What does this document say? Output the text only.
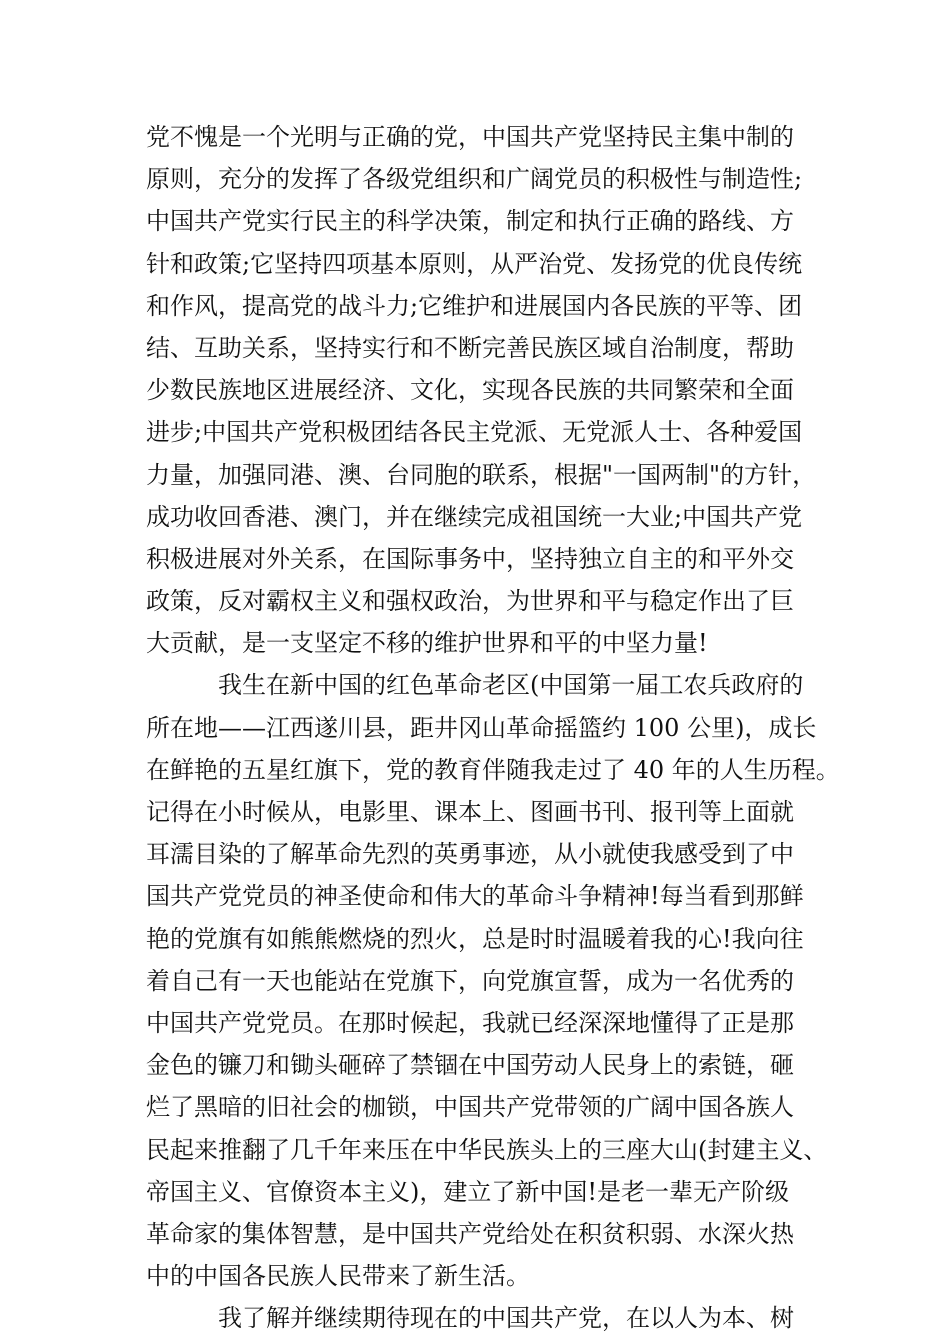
党不愧是一个光明与正确的党，中国共产党坚持民主集中制的
原则，充分的发挥了各级党组织和广阔党员的积极性与制造性;
中国共产党实行民主的科学决策，制定和执行正确的路线、方
针和政策;它坚持四项基本原则，从严治党、发扬党的优良传统
和作风，提高党的战斗力;它维护和进展国内各民族的平等、团
结、互助关系，坚持实行和不断完善民族区域自治制度，帮助
少数民族地区进展经济、文化，实现各民族的共同繁荣和全面
进步;中国共产党积极团结各民主党派、无党派人士、各种爱国
力量，加强同港、澳、台同胞的联系，根据"一国两制"的方针，
成功收回香港、澳门，并在继续完成祖国统一大业;中国共产党
积极进展对外关系，在国际事务中，坚持独立自主的和平外交
政策，反对霸权主义和强权政治，为世界和平与稳定作出了巨
大贡献，是一支坚定不移的维护世界和平的中坚力量!
我生在新中国的红色革命老区(中国第一届工农兵政府的
所在地——江西遂川县，距井冈山革命摇篮约 100 公里)，成长
在鲜艳的五星红旗下，党的教育伴随我走过了 40 年的人生历程。
记得在小时候从，电影里、课本上、图画书刊、报刊等上面就
耳濡目染的了解革命先烈的英勇事迹，从小就使我感受到了中
国共产党党员的神圣使命和伟大的革命斗争精神!每当看到那鲜
艳的党旗有如熊熊燃烧的烈火，总是时时温暖着我的心!我向往
着自己有一天也能站在党旗下，向党旗宣誓，成为一名优秀的
中国共产党党员。在那时候起，我就已经深深地懂得了正是那
金色的镰刀和锄头砸碎了禁锢在中国劳动人民身上的索链，砸
烂了黑暗的旧社会的枷锁，中国共产党带领的广阔中国各族人
民起来推翻了几千年来压在中华民族头上的三座大山(封建主义、
帝国主义、官僚资本主义)，建立了新中国!是老一辈无产阶级
革命家的集体智慧，是中国共产党给处在积贫积弱、水深火热
中的中国各民族人民带来了新生活。
我了解并继续期待现在的中国共产党，在以人为本、树
